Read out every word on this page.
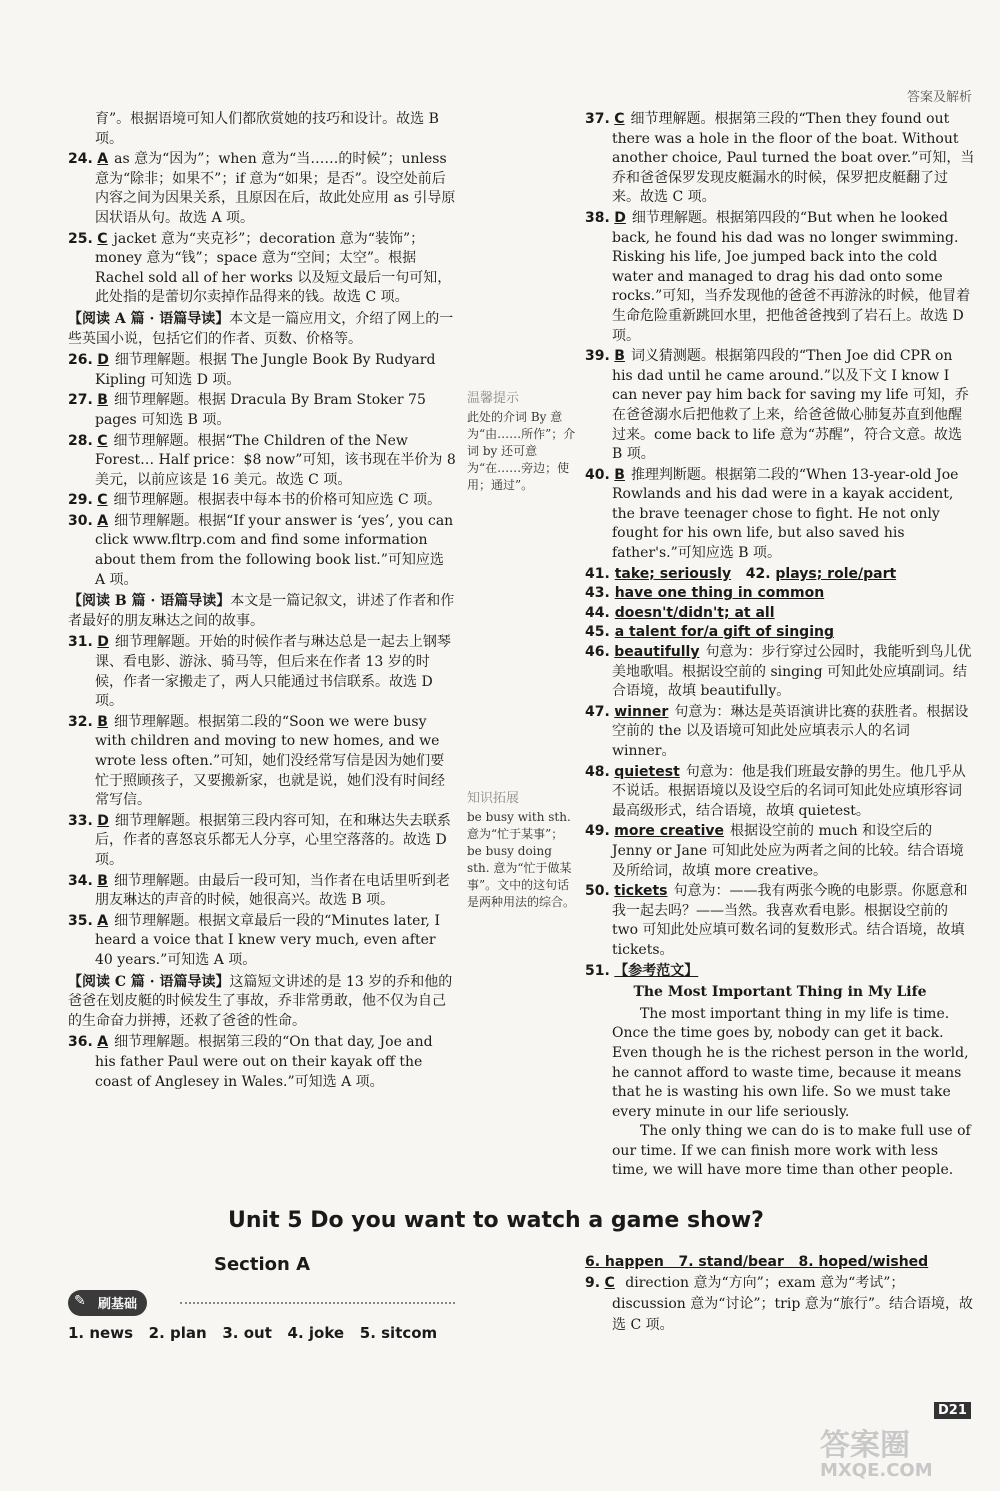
答案及解析
育”。根据语境可知人们都欣赏她的技巧和设计。故选 B 项。
24. A as 意为“因为”；when 意为“当……的时候”；unless 意为“除非；如果不”；if 意为“如果；是否”。设空处前后内容之间为因果关系，且原因在后，故此处应用 as 引导原因状语从句。故选 A 项。
25. C jacket 意为“夹克衫”；decoration 意为“装饰”；money 意为“钱”；space 意为“空间；太空”。根据 Rachel sold all of her works 以及短文最后一句可知，此处指的是蕾切尔卖掉作品得来的钱。故选 C 项。
【阅读 A 篇 · 语篇导读】本文是一篇应用文，介绍了网上的一些英国小说，包括它们的作者、页数、价格等。
26. D 细节理解题。根据 The Jungle Book By Rudyard Kipling 可知选 D 项。
27. B 细节理解题。根据 Dracula By Bram Stoker 75 pages 可知选 B 项。
28. C 细节理解题。根据“The Children of the New Forest… Half price：$8 now”可知，该书现在半价为 8 美元，以前应该是 16 美元。故选 C 项。
29. C 细节理解题。根据表中每本书的价格可知应选 C 项。
30. A 细节理解题。根据“If your answer is ‘yes’, you can click www.fltrp.com and find some information about them from the following book list.”可知应选 A 项。
【阅读 B 篇 · 语篇导读】本文是一篇记叙文，讲述了作者和作者最好的朋友琳达之间的故事。
31. D 细节理解题。开始的时候作者与琳达总是一起去上钢琴课、看电影、游泳、骑马等，但后来在作者 13 岁的时候，作者一家搬走了，两人只能通过书信联系。故选 D 项。
32. B 细节理解题。根据第二段的“Soon we were busy with children and moving to new homes, and we wrote less often.”可知，她们没经常写信是因为她们要忙于照顾孩子，又要搬新家，也就是说，她们没有时间经常写信。
33. D 细节理解题。根据第三段内容可知，在和琳达失去联系后，作者的喜怒哀乐都无人分享，心里空落落的。故选 D 项。
34. B 细节理解题。由最后一段可知，当作者在电话里听到老朋友琳达的声音的时候，她很高兴。故选 B 项。
35. A 细节理解题。根据文章最后一段的“Minutes later, I heard a voice that I knew very much, even after 40 years.”可知选 A 项。
【阅读 C 篇 · 语篇导读】这篇短文讲述的是 13 岁的乔和他的爸爸在划皮艇的时候发生了事故，乔非常勇敢，他不仅为自己的生命奋力拼搏，还救了爸爸的性命。
36. A 细节理解题。根据第三段的“On that day, Joe and his father Paul were out on their kayak off the coast of Anglesey in Wales.”可知选 A 项。
37. C 细节理解题。根据第三段的“Then they found out there was a hole in the floor of the boat. Without another choice, Paul turned the boat over.”可知，当乔和爸爸保罗发现皮艇漏水的时候，保罗把皮艇翻了过来。故选 C 项。
38. D 细节理解题。根据第四段的“But when he looked back, he found his dad was no longer swimming. Risking his life, Joe jumped back into the cold water and managed to drag his dad onto some rocks.”可知，当乔发现他的爸爸不再游泳的时候，他冒着生命危险重新跳回水里，把他爸爸拽到了岩石上。故选 D 项。
39. B 词义猜测题。根据第四段的“Then Joe did CPR on his dad until he came around.”以及下文 I know I can never pay him back for saving my life 可知，乔在爸爸溺水后把他救了上来，给爸爸做心肺复苏直到他醒过来。come back to life 意为“苏醒”，符合文意。故选 B 项。
40. B 推理判断题。根据第二段的“When 13-year-old Joe Rowlands and his dad were in a kayak accident, the brave teenager chose to fight. He not only fought for his own life, but also saved his father's.”可知应选 B 项。
41. take; seriously   42. plays; role/part
43. have one thing in common
44. doesn't/didn't; at all
45. a talent for/a gift of singing
46. beautifully 句意为：步行穿过公园时，我能听到鸟儿优美地歌唱。根据设空前的 singing 可知此处应填副词。结合语境，故填 beautifully。
47. winner 句意为：琳达是英语演讲比赛的获胜者。根据设空前的 the 以及语境可知此处应填表示人的名词 winner。
48. quietest 句意为：他是我们班最安静的男生。他几乎从不说话。根据语境以及设空后的名词可知此处应填形容词最高级形式，结合语境，故填 quietest。
49. more creative 根据设空前的 much 和设空后的 Jenny or Jane 可知此处应为两者之间的比较。结合语境及所给词，故填 more creative。
50. tickets 句意为：——我有两张今晚的电影票。你愿意和我一起去吗？——当然。我喜欢看电影。根据设空前的 two 可知此处应填可数名词的复数形式。结合语境，故填 tickets。
51. 【参考范文】
The Most Important Thing in My Life

The most important thing in my life is time. Once the time goes by, nobody can get it back. Even though he is the richest person in the world, he cannot afford to waste time, because it means that he is wasting his own life. So we must take every minute in our life seriously.

The only thing we can do is to make full use of our time. If we can finish more work with less time, we will have more time than other people.

温馨提示
此处的介词 By 意为“由……所作”；介词 by 还可意为“在……旁边；使用；通过”。
知识拓展
be busy with sth. 意为“忙于某事”；be busy doing sth. 意为“忙于做某事”。文中的这句话是两种用法的综合。
Unit 5 Do you want to watch a game show?
Section A
✎ 刷基础
1. news   2. plan   3. out   4. joke   5. sitcom
6. happen   7. stand/bear   8. hoped/wished
9. C direction 意为“方向”；exam 意为“考试”；discussion 意为“讨论”；trip 意为“旅行”。结合语境，故选 C 项。
D21
答案圈
MXQE.COM
